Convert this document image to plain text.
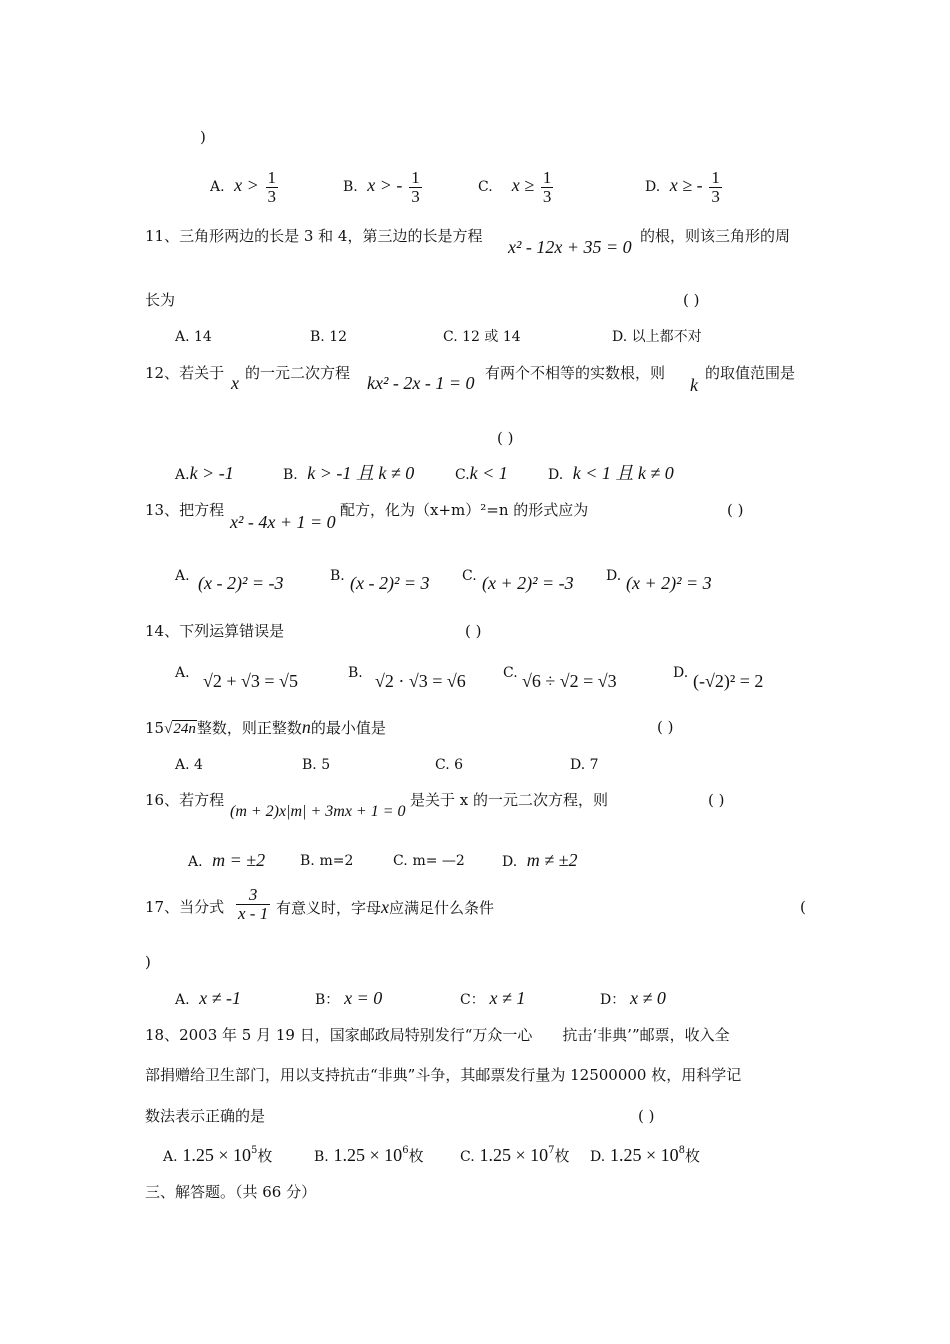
)
A. $x > \frac{1}{3}$	B. x > - $\frac{1}{3}$	C. $x \ge \frac{1}{3}$	D. x ≥ - $\frac{1}{3}$
11、三角形两边的长是 3 和 4，第三边的长是方程
x² - 12x + 35 = 0
的根，则该三角形的周
长为	( )
A. 14	B. 12	C. 12 或 14	D. 以上都不对
12、若关于 x 的一元二次方程 kx² - 2x - 1 = 0 有两个不相等的实数根，则
k
的取值范围是
( )
A.k > -1	B. k > -1 且 k ≠ 0	C.k < 1	D. k < 1 且 k ≠ 0
13、把方程
x² - 4x + 1 = 0
配方，化为（x+m）²=n 的形式应为	( )
A. (x - 2)² = -3	B. (x - 2)² = 3 C. (x + 2)² = -3 D. (x + 2)² = 3
14、下列运算错误是	( )
A. √2 + √3 = √5	B. √2 · √3 = √6	C. √6 ÷ √2 = √3	D. (-√2)² = 2
15√24n整数，则正整数n的最小值是	( )
A. 4	B. 5	C. 6	D. 7
16、若方程
(m + 2)x|m| + 3mx + 1 = 0
是关于 x 的一元二次方程，则	( )
A. m = ±2 B. m=2	C. m= —2	D. m ≠ ±2
17、当分式 $\frac{3}{x - 1}$ 有意义时，字母x应满足什么条件	(
)
A. x ≠ -1	B： x = 0	C： x ≠ 1	D： x ≠ 0
18、2003 年 5 月 19 日，国家邮政局特别发行“万众一心　　抗击‘非典’”邮票，收入全
部捐赠给卫生部门，用以支持抗击“非典”斗争，其邮票发行量为 12500000 枚，用科学记
数法表示正确的是	( )
A. $1.25 \times 10^5$枚	B. $1.25 \times 10^6$枚	C. $1.25 \times 10^7$枚 D. $1.25 \times 10^8$枚
三、解答题。（共 66 分）
